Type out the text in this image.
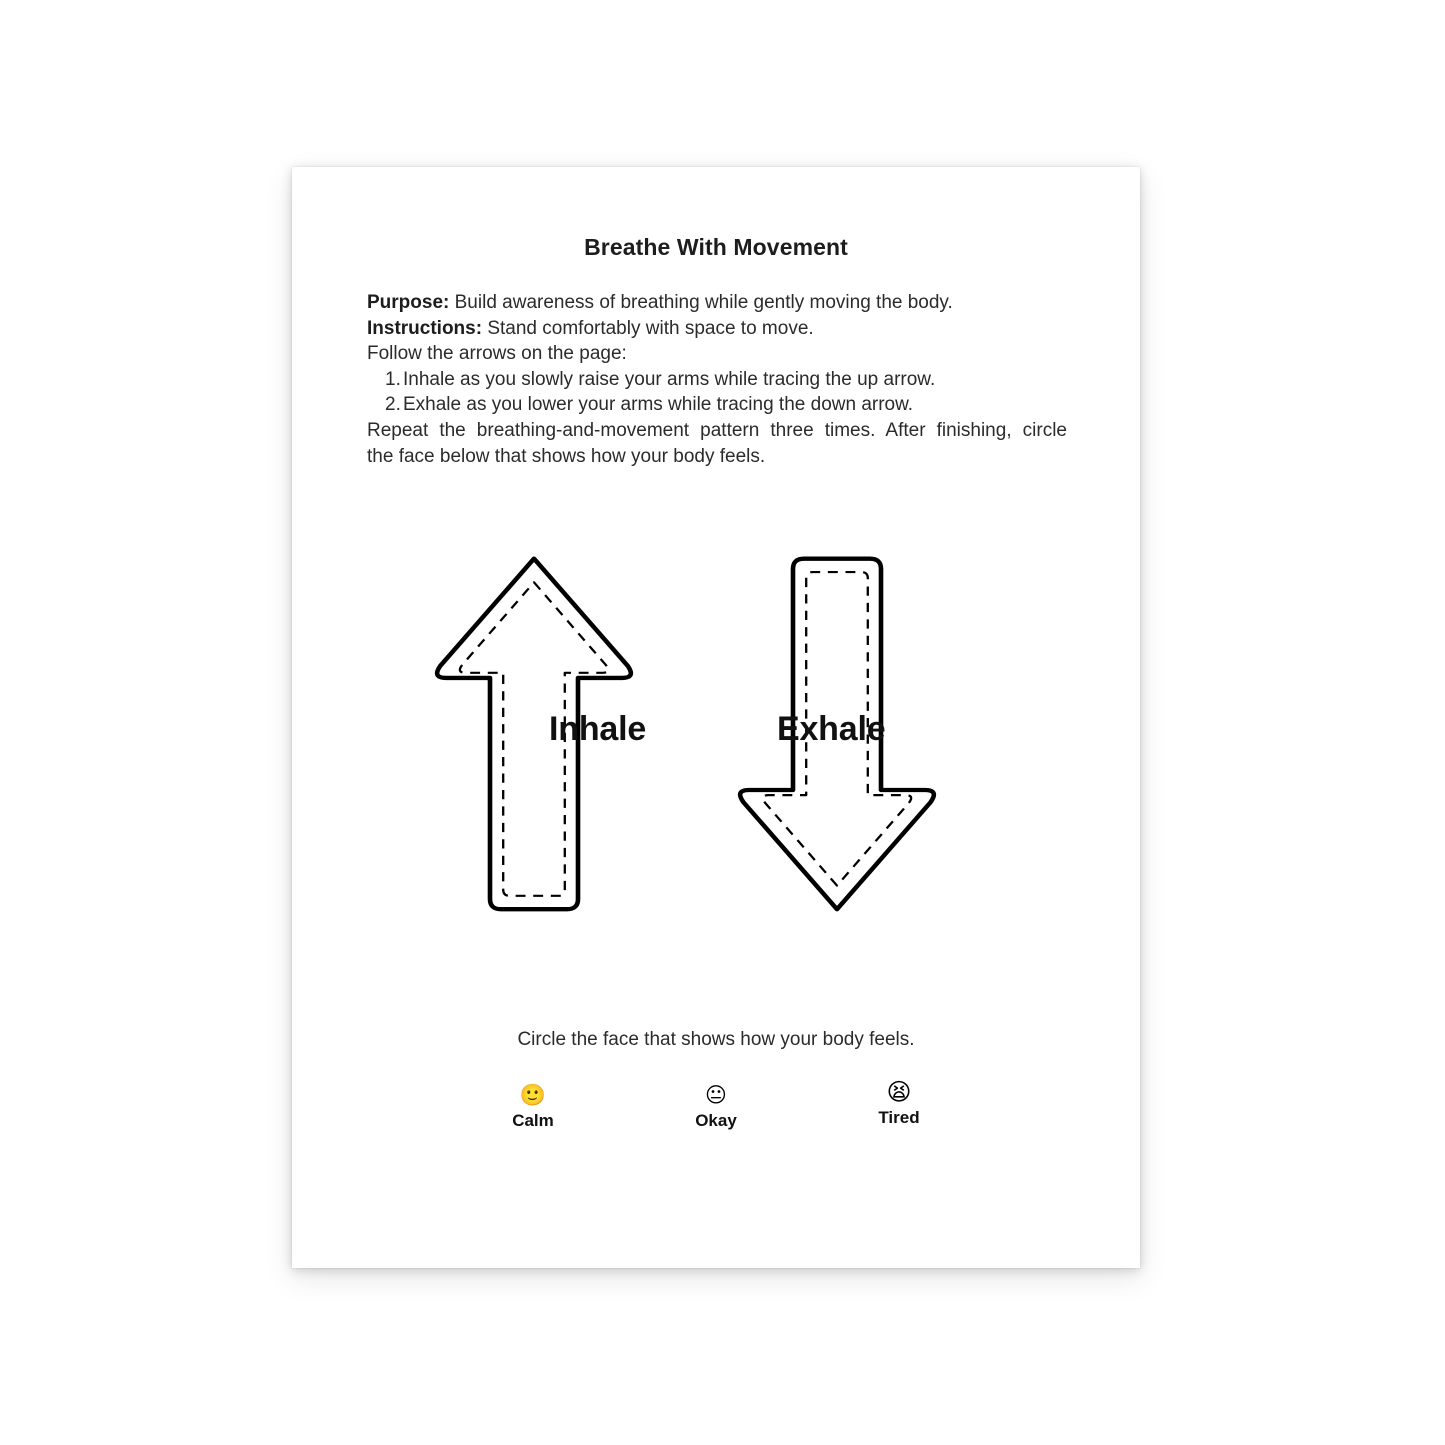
Breathe With Movement
Purpose: Build awareness of breathing while gently moving the body.
Instructions: Stand comfortably with space to move.
Follow the arrows on the page:
1. Inhale as you slowly raise your arms while tracing the up arrow.
2. Exhale as you lower your arms while tracing the down arrow.
Repeat the breathing-and-movement pattern three times. After finishing, circle
the face below that shows how your body feels.
Inhale	Exhale
Circle the face that shows how your body feels.
🙂
Calm
😐
Okay
😫
Tired
